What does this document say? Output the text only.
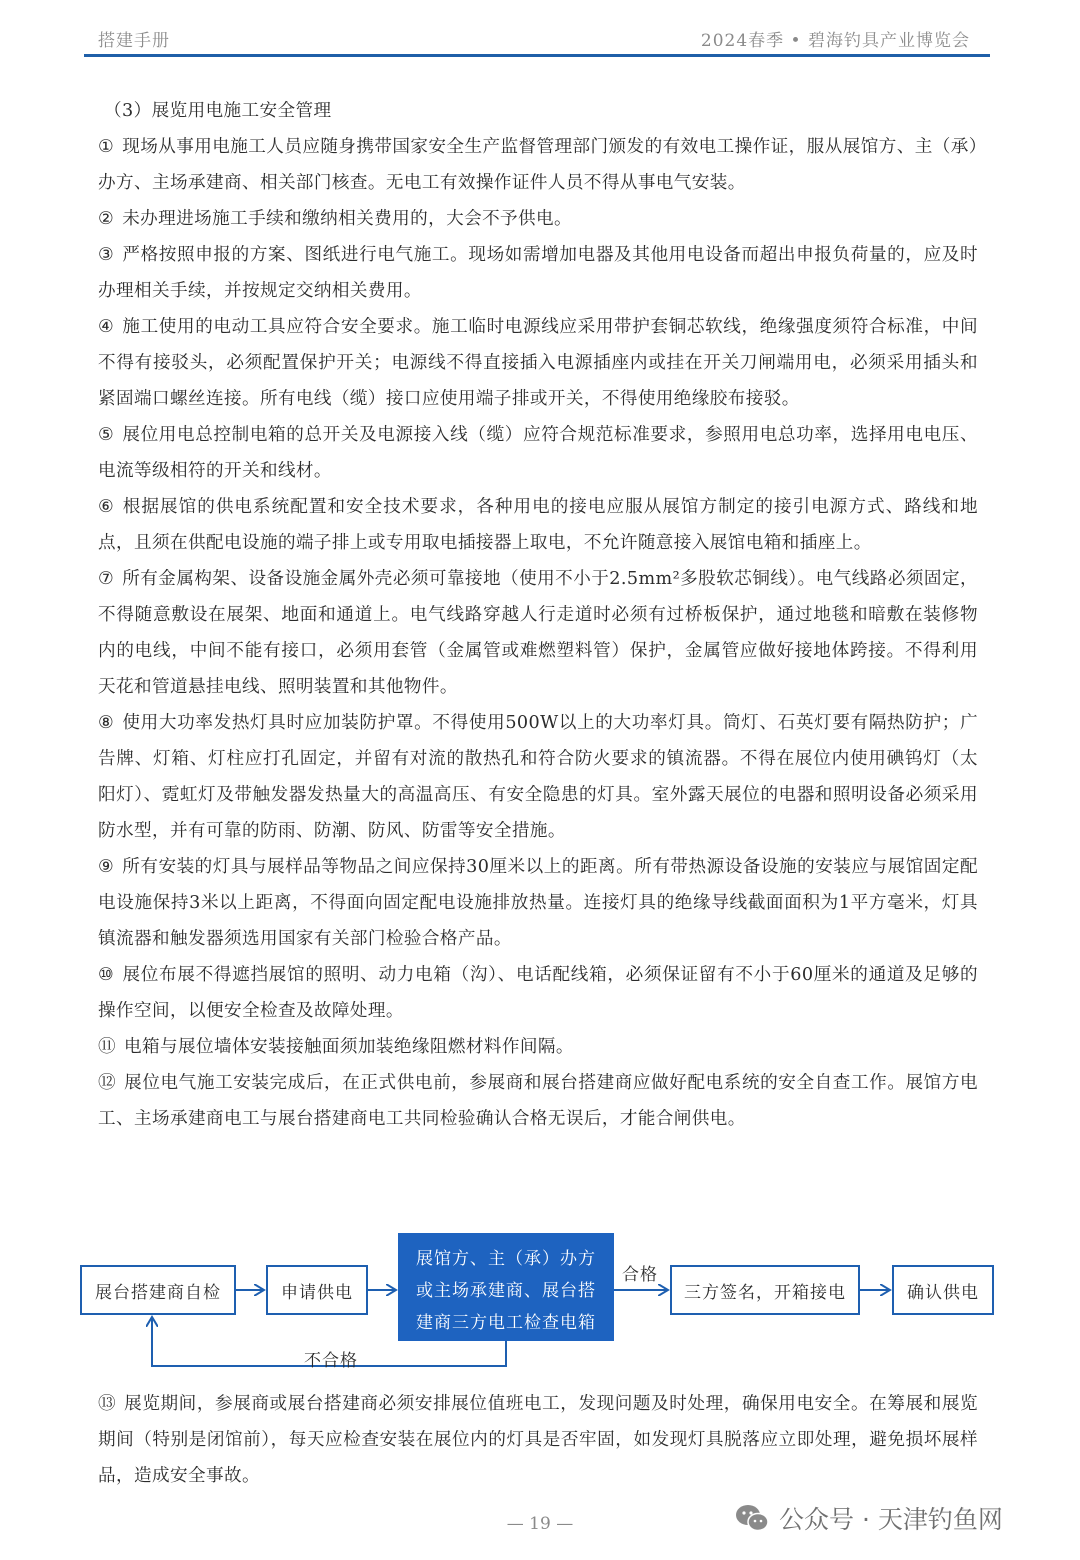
搭建手册	2024春季 • 碧海钓具产业博览会

（3）展览用电施工安全管理

① 现场从事用电施工人员应随身携带国家安全生产监督管理部门颁发的有效电工操作证，服从展馆方、主（承）办方、主场承建商、相关部门核查。无电工有效操作证件人员不得从事电气安装。

② 未办理进场施工手续和缴纳相关费用的，大会不予供电。

③ 严格按照申报的方案、图纸进行电气施工。现场如需增加电器及其他用电设备而超出申报负荷量的，应及时办理相关手续，并按规定交纳相关费用。

④ 施工使用的电动工具应符合安全要求。施工临时电源线应采用带护套铜芯软线，绝缘强度须符合标准，中间不得有接驳头，必须配置保护开关；电源线不得直接插入电源插座内或挂在开关刀闸端用电，必须采用插头和紧固端口螺丝连接。所有电线（缆）接口应使用端子排或开关，不得使用绝缘胶布接驳。

⑤ 展位用电总控制电箱的总开关及电源接入线（缆）应符合规范标准要求，参照用电总功率，选择用电电压、电流等级相符的开关和线材。

⑥ 根据展馆的供电系统配置和安全技术要求，各种用电的接电应服从展馆方制定的接引电源方式、路线和地点，且须在供配电设施的端子排上或专用取电插接器上取电，不允许随意接入展馆电箱和插座上。

⑦ 所有金属构架、设备设施金属外壳必须可靠接地（使用不小于2.5mm²多股软芯铜线）。电气线路必须固定，不得随意敷设在展架、地面和通道上。电气线路穿越人行走道时必须有过桥板保护，通过地毯和暗敷在装修物内的电线，中间不能有接口，必须用套管（金属管或难燃塑料管）保护，金属管应做好接地体跨接。不得利用天花和管道悬挂电线、照明装置和其他物件。

⑧ 使用大功率发热灯具时应加装防护罩。不得使用500W以上的大功率灯具。筒灯、石英灯要有隔热防护；广告牌、灯箱、灯柱应打孔固定，并留有对流的散热孔和符合防火要求的镇流器。不得在展位内使用碘钨灯（太阳灯）、霓虹灯及带触发器发热量大的高温高压、有安全隐患的灯具。室外露天展位的电器和照明设备必须采用防水型，并有可靠的防雨、防潮、防风、防雷等安全措施。

⑨ 所有安装的灯具与展样品等物品之间应保持30厘米以上的距离。所有带热源设备设施的安装应与展馆固定配电设施保持3米以上距离，不得面向固定配电设施排放热量。连接灯具的绝缘导线截面面积为1平方毫米，灯具镇流器和触发器须选用国家有关部门检验合格产品。

⑩ 展位布展不得遮挡展馆的照明、动力电箱（沟）、电话配线箱，必须保证留有不小于60厘米的通道及足够的操作空间，以便安全检查及故障处理。

⑪ 电箱与展位墙体安装接触面须加装绝缘阻燃材料作间隔。

⑫ 展位电气施工安装完成后，在正式供电前，参展商和展台搭建商应做好配电系统的安全自查工作。展馆方电工、主场承建商电工与展台搭建商电工共同检验确认合格无误后，才能合闸供电。

展台搭建商自检	申请供电
展馆方、主（承）办方
或主场承建商、展台搭
建商三方电工检查电箱
合格
三方签名，开箱接电	确认供电
不合格

⑬ 展览期间，参展商或展台搭建商必须安排展位值班电工，发现问题及时处理，确保用电安全。在筹展和展览期间（特别是闭馆前），每天应检查安装在展位内的灯具是否牢固，如发现灯具脱落应立即处理，避免损坏展样品，造成安全事故。

— 19 —	公众号 · 天津钓鱼网
